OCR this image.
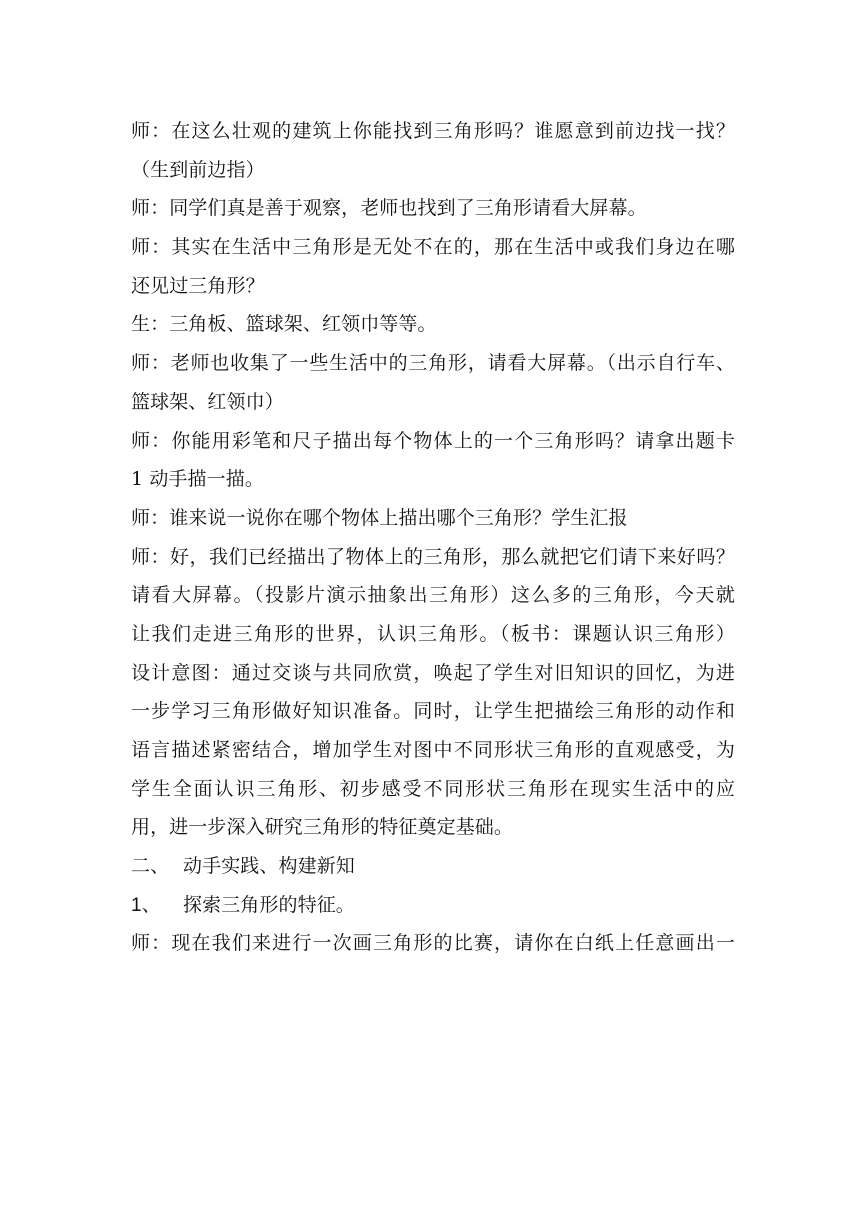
师：在这么壮观的建筑上你能找到三角形吗？谁愿意到前边找一找？
（生到前边指）
师：同学们真是善于观察，老师也找到了三角形请看大屏幕。
师：其实在生活中三角形是无处不在的，那在生活中或我们身边在哪
还见过三角形？
生：三角板、篮球架、红领巾等等。
师：老师也收集了一些生活中的三角形，请看大屏幕。（出示自行车、
篮球架、红领巾）
师：你能用彩笔和尺子描出每个物体上的一个三角形吗？请拿出题卡
1 动手描一描。
师：谁来说一说你在哪个物体上描出哪个三角形？学生汇报
师：好，我们已经描出了物体上的三角形，那么就把它们请下来好吗？
请看大屏幕。（投影片演示抽象出三角形）这么多的三角形，今天就
让我们走进三角形的世界，认识三角形。（板书：课题认识三角形）
设计意图：通过交谈与共同欣赏，唤起了学生对旧知识的回忆，为进
一步学习三角形做好知识准备。同时，让学生把描绘三角形的动作和
语言描述紧密结合，增加学生对图中不同形状三角形的直观感受，为
学生全面认识三角形、初步感受不同形状三角形在现实生活中的应
用，进一步深入研究三角形的特征奠定基础。
二、 动手实践、构建新知
1、 探索三角形的特征。
师：现在我们来进行一次画三角形的比赛，请你在白纸上任意画出一
